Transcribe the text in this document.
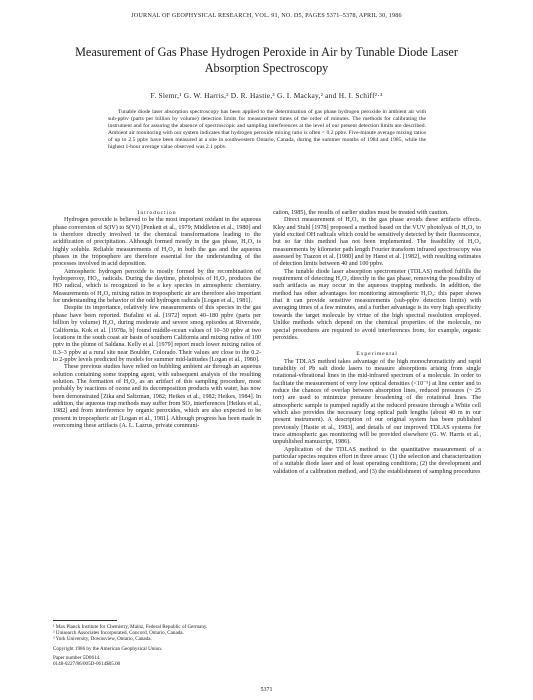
JOURNAL OF GEOPHYSICAL RESEARCH, VOL. 91, NO. D5, PAGES 5371–5378, APRIL 30, 1986
Measurement of Gas Phase Hydrogen Peroxide in Air by Tunable Diode Laser Absorption Spectroscopy
F. Slemr,¹ G. W. Harris,² D. R. Hastie,³ G. I. Mackay,² and H. I. Schiff²·³
Tunable diode laser absorption spectroscopy has been applied to the determination of gas phase hydrogen peroxide in ambient air with sub-ppbv (parts per billion by volume) detection limits for measurement times of the order of minutes. The methods for calibrating the instrument and for assuring the absence of spectroscopic and sampling interferences at the level of our present detection limits are described. Ambient air monitoring with our system indicates that hydrogen peroxide mixing ratio is often < 0.2 ppbv. Five-minute average mixing ratios of up to 2.5 ppbv have been measured at a site in southwestern Ontario, Canada, during the summer months of 1984 and 1985, while the highest 1-hour average value observed was 2.1 ppbv.

Introduction

Hydrogen peroxide is believed to be the most important oxidant in the aqueous phase conversion of S(IV) to S(VI) [Penkett et al., 1979; Middleton et al., 1980] and is therefore directly involved in the chemical transformations leading to the acidification of precipitation. Although formed mostly in the gas phase, H₂O₂ is highly soluble. Reliable measurements of H₂O₂ in both the gas and the aqueous phases in the troposphere are therefore essential for the understanding of the processes involved in acid deposition.

Atmospheric hydrogen peroxide is mostly formed by the recombination of hydroperoxy, HO₂, radicals. During the daytime, photolysis of H₂O₂ produces the HO radical, which is recognized to be a key species in atmospheric chemistry. Measurements of H₂O₂ mixing ratios in tropospheric air are therefore also important for understanding the behavior of the odd hydrogen radicals [Logan et al., 1981].

Despite its importance, relatively few measurements of this species in the gas phase have been reported. Bufalini et al. [1972] report 40–180 ppbv (parts per billion by volume) H₂O₂ during moderate and severe smog episodes at Riverside, California. Kok et al. [1978a, b] found middle-ocean values of 10–30 ppbv at two locations in the south coast air basin of southern California and mixing ratios of 100 pptv in the plume of Saldana. Kelly et al. [1979] report much lower mixing ratios of 0.3–3 ppbv at a rural site near Boulder, Colorado. Their values are close to the 0.2- to 2-ppbv levels predicted by models for summer mid-latitudes [Logan et al., 1980].

These previous studies have relied on bubbling ambient air through an aqueous solution containing some trapping agent, with subsequent analysis of the resulting solution. The formation of H₂O₂ as an artifact of this sampling procedure, most probably by reactions of ozone and its decomposition products with water, has now been demonstrated [Zika and Saltzman, 1982; Heikes et al., 1982; Heikes, 1984]. In addition, the aqueous trap methods may suffer from SO₂ interferences [Heikes et al., 1982] and from interference by organic peroxides, which are also expected to be present in tropospheric air [Logan et al., 1981]. Although progress has been made in overcoming these artifacts (A. L. Lazrus, private communi-

cation, 1985), the results of earlier studies must be treated with caution.

Direct measurement of H₂O₂ in the gas phase avoids these artifacts effects. Kley and Stuhl [1978] proposed a method based on the VUV photolysis of H₂O₂ to yield excited OH radicals which could be sensitively detected by their fluorescence, but so far this method has not been implemented. The feasibility of H₂O₂ measurements by kilometer path length Fourier transform infrared spectroscopy was assessed by Tuazon et al. [1980] and by Hanst et al. [1982], with resulting estimates of detection limits between 40 and 100 ppbv.

The tunable diode laser absorption spectrometer (TDLAS) method fulfills the requirement of detecting H₂O₂ directly in the gas phase, removing the possibility of such artifacts as may occur in the aqueous trapping methods. In addition, the method has other advantages for monitoring atmospheric H₂O₂: this paper shows that it can provide sensitive measurements (sub-ppbv detection limits) with averaging times of a few minutes, and a further advantage is its very high specificity towards the target molecule by virtue of the high spectral resolution employed. Unlike methods which depend on the chemical properties of the molecule, no special procedures are required to avoid interferences from, for example, organic peroxides.

Experimental

The TDLAS method takes advantage of the high monochromaticity and rapid tunability of Pb salt diode lasers to measure absorptions arising from single rotational-vibrational lines in the mid-infrared spectrum of a molecule. In order to facilitate the measurement of very low optical densities (<10⁻⁵) at line center and to reduce the chances of overlap between absorption lines, reduced pressures (~ 25 torr) are used to minimize pressure broadening of the rotational lines. The atmospheric sample is pumped rapidly at the reduced pressure through a White cell which also provides the necessary long optical path lengths (about 40 m in our present instrument). A description of our original system has been published previously [Hastie et al., 1983], and details of our improved TDLAS systems for trace atmospheric gas monitoring will be provided elsewhere (G. W. Harris et al., unpublished manuscript, 1986).

Application of the TDLAS method to the quantitative measurement of a particular species requires effort in three areas: (1) the selection and characterization of a suitable diode laser and of least operating conditions; (2) the development and validation of a calibration method, and (3) the establishment of sampling procedures

¹ Max Planck Institute for Chemistry, Mainz, Federal Republic of Germany.
² Unisearch Associates Incorporated, Concord, Ontario, Canada.
³ York University, Downsview, Ontario, Canada.
Copyright 1986 by the American Geophysical Union.
Paper number 5D0614.
0148-0227/86/005D-0614$05.00
5371
